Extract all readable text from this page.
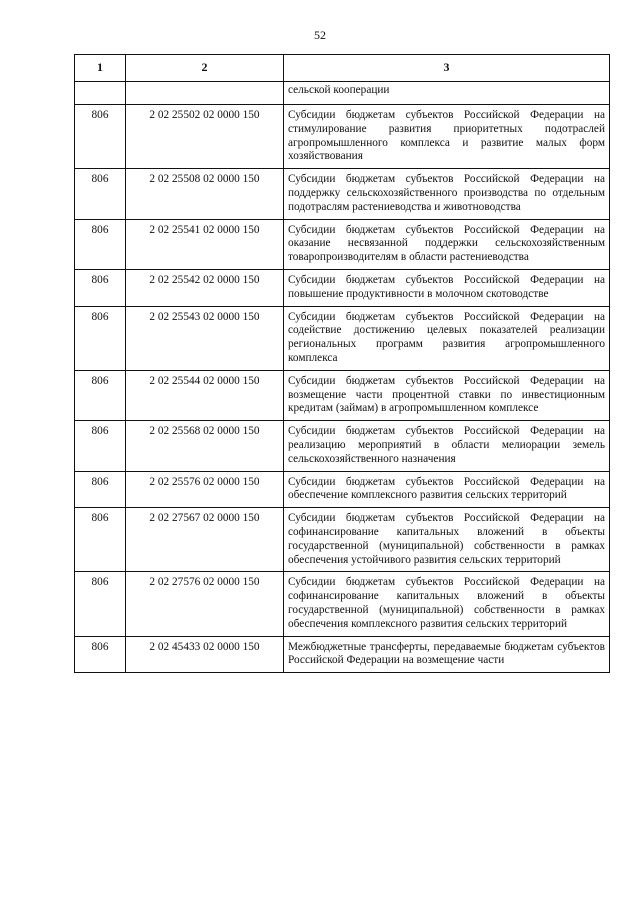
52
1	2	3
		сельской кооперации
806	2 02 25502 02 0000 150	Субсидии бюджетам субъектов Российской Федерации на стимулирование развития приоритетных подотраслей агропромышленного комплекса и развитие малых форм хозяйствования
806	2 02 25508 02 0000 150	Субсидии бюджетам субъектов Российской Федерации на поддержку сельскохозяйственного производства по отдельным подотраслям растениеводства и животноводства
806	2 02 25541 02 0000 150	Субсидии бюджетам субъектов Российской Федерации на оказание несвязанной поддержки сельскохозяйственным товаропроизводителям в области растениеводства
806	2 02 25542 02 0000 150	Субсидии бюджетам субъектов Российской Федерации на повышение продуктивности в молочном скотоводстве
806	2 02 25543 02 0000 150	Субсидии бюджетам субъектов Российской Федерации на содействие достижению целевых показателей реализации региональных программ развития агропромышленного комплекса
806	2 02 25544 02 0000 150	Субсидии бюджетам субъектов Российской Федерации на возмещение части процентной ставки по инвестиционным кредитам (займам) в агропромышленном комплексе
806	2 02 25568 02 0000 150	Субсидии бюджетам субъектов Российской Федерации на реализацию мероприятий в области мелиорации земель сельскохозяйственного назначения
806	2 02 25576 02 0000 150	Субсидии бюджетам субъектов Российской Федерации на обеспечение комплексного развития сельских территорий
806	2 02 27567 02 0000 150	Субсидии бюджетам субъектов Российской Федерации на софинансирование капитальных вложений в объекты государственной (муниципальной) собственности в рамках обеспечения устойчивого развития сельских территорий
806	2 02 27576 02 0000 150	Субсидии бюджетам субъектов Российской Федерации на софинансирование капитальных вложений в объекты государственной (муниципальной) собственности в рамках обеспечения комплексного развития сельских территорий
806	2 02 45433 02 0000 150	Межбюджетные трансферты, передаваемые бюджетам субъектов Российской Федерации на возмещение части
